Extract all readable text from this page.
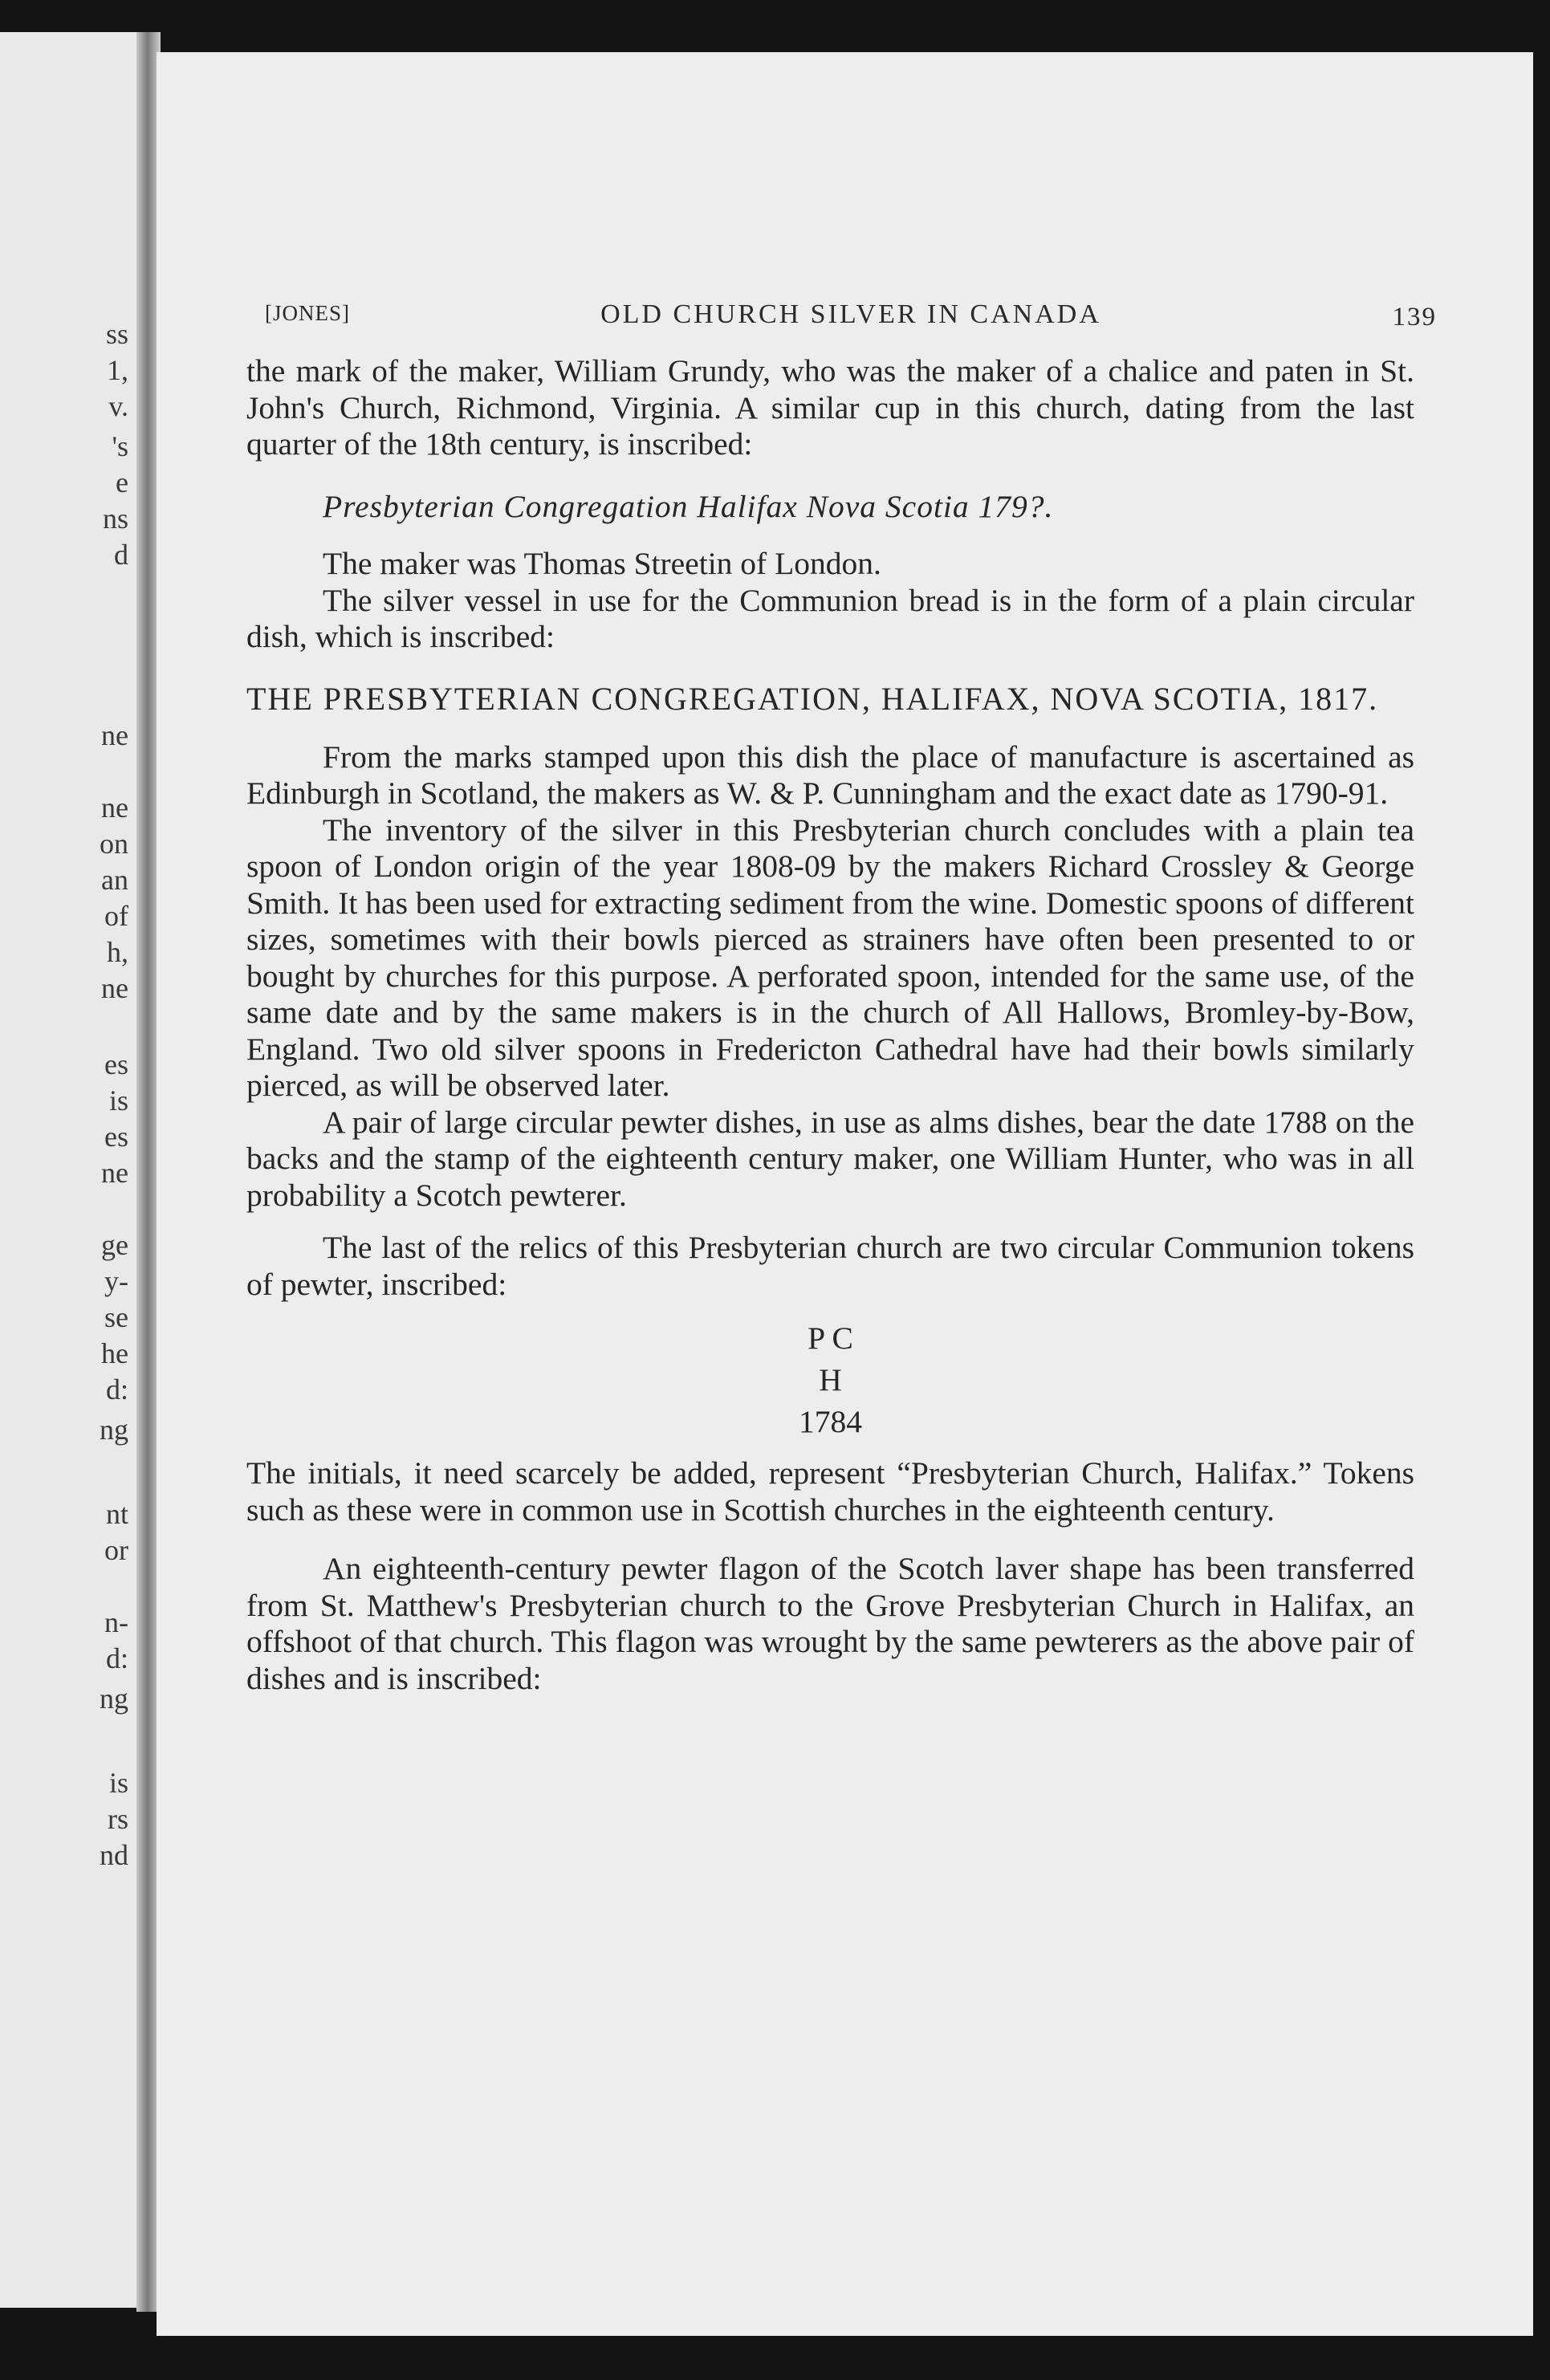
ss
1,
v.
's
e
ns
d
ne
ne
on
an
of
h,
ne
es
is
es
ne
ge
y-
se
he
d:
ng
nt
or
n-
d:
ng
is
rs
nd
[JONES]	OLD CHURCH SILVER IN CANADA	139

the mark of the maker, William Grundy, who was the maker of a chalice and paten in St. John's Church, Richmond, Virginia. A similar cup in this church, dating from the last quarter of the 18th century, is inscribed:

Presbyterian Congregation Halifax Nova Scotia 179?.

The maker was Thomas Streetin of London.

The silver vessel in use for the Communion bread is in the form of a plain circular dish, which is inscribed:

THE PRESBYTERIAN CONGREGATION, HALIFAX, NOVA SCOTIA, 1817.

From the marks stamped upon this dish the place of manufacture is ascertained as Edinburgh in Scotland, the makers as W. & P. Cunningham and the exact date as 1790-91.

The inventory of the silver in this Presbyterian church concludes with a plain tea spoon of London origin of the year 1808-09 by the makers Richard Crossley & George Smith. It has been used for extracting sediment from the wine. Domestic spoons of different sizes, sometimes with their bowls pierced as strainers have often been presented to or bought by churches for this purpose. A perforated spoon, intended for the same use, of the same date and by the same makers is in the church of All Hallows, Bromley-by-Bow, England. Two old silver spoons in Fredericton Cathedral have had their bowls similarly pierced, as will be observed later.

A pair of large circular pewter dishes, in use as alms dishes, bear the date 1788 on the backs and the stamp of the eighteenth century maker, one William Hunter, who was in all probability a Scotch pewterer.

The last of the relics of this Presbyterian church are two circular Communion tokens of pewter, inscribed:

P C
H
1784

The initials, it need scarcely be added, represent “Presbyterian Church, Halifax.” Tokens such as these were in common use in Scottish churches in the eighteenth century.

An eighteenth-century pewter flagon of the Scotch laver shape has been transferred from St. Matthew's Presbyterian church to the Grove Presbyterian Church in Halifax, an offshoot of that church. This flagon was wrought by the same pewterers as the above pair of dishes and is inscribed:
